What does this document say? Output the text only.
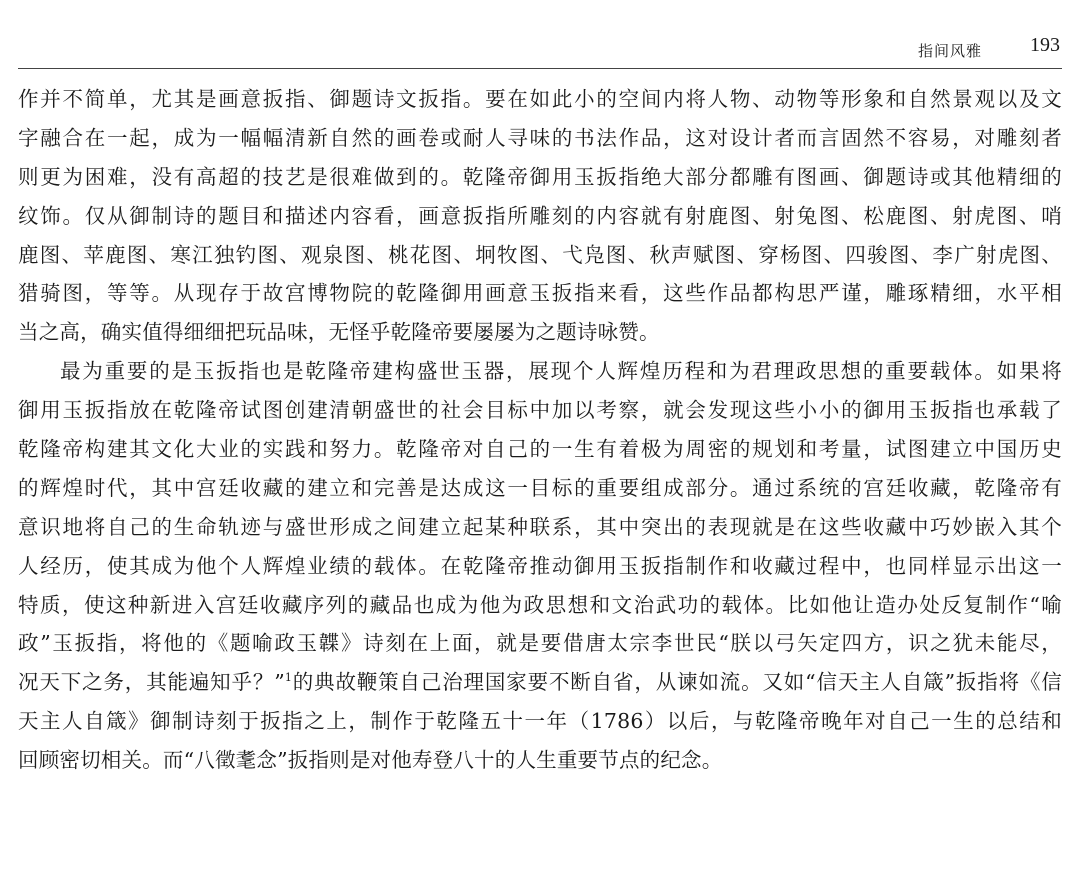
指间风雅 193
作并不简单，尤其是画意扳指、御题诗文扳指。要在如此小的空间内将人物、动物等形象和自然景观以及文
字融合在一起，成为一幅幅清新自然的画卷或耐人寻味的书法作品，这对设计者而言固然不容易，对雕刻者
则更为困难，没有高超的技艺是很难做到的。乾隆帝御用玉扳指绝大部分都雕有图画、御题诗或其他精细的
纹饰。仅从御制诗的题目和描述内容看，画意扳指所雕刻的内容就有射鹿图、射兔图、松鹿图、射虎图、哨
鹿图、苹鹿图、寒江独钓图、观泉图、桃花图、坰牧图、弋凫图、秋声赋图、穿杨图、四骏图、李广射虎图、
猎骑图，等等。从现存于故宫博物院的乾隆御用画意玉扳指来看，这些作品都构思严谨，雕琢精细，水平相
当之高，确实值得细细把玩品味，无怪乎乾隆帝要屡屡为之题诗咏赞。
最为重要的是玉扳指也是乾隆帝建构盛世玉器，展现个人辉煌历程和为君理政思想的重要载体。如果将
御用玉扳指放在乾隆帝试图创建清朝盛世的社会目标中加以考察，就会发现这些小小的御用玉扳指也承载了
乾隆帝构建其文化大业的实践和努力。乾隆帝对自己的一生有着极为周密的规划和考量，试图建立中国历史
的辉煌时代，其中宫廷收藏的建立和完善是达成这一目标的重要组成部分。通过系统的宫廷收藏，乾隆帝有
意识地将自己的生命轨迹与盛世形成之间建立起某种联系，其中突出的表现就是在这些收藏中巧妙嵌入其个
人经历，使其成为他个人辉煌业绩的载体。在乾隆帝推动御用玉扳指制作和收藏过程中，也同样显示出这一
特质，使这种新进入宫廷收藏序列的藏品也成为他为政思想和文治武功的载体。比如他让造办处反复制作“喻
政”玉扳指，将他的《题喻政玉韘》诗刻在上面，就是要借唐太宗李世民“朕以弓矢定四方，识之犹未能尽，
况天下之务，其能遍知乎？”$^1$的典故鞭策自己治理国家要不断自省，从谏如流。又如“信天主人自箴”扳指将《信
天主人自箴》御制诗刻于扳指之上，制作于乾隆五十一年（1786）以后，与乾隆帝晚年对自己一生的总结和
回顾密切相关。而“八徵耄念”扳指则是对他寿登八十的人生重要节点的纪念。
